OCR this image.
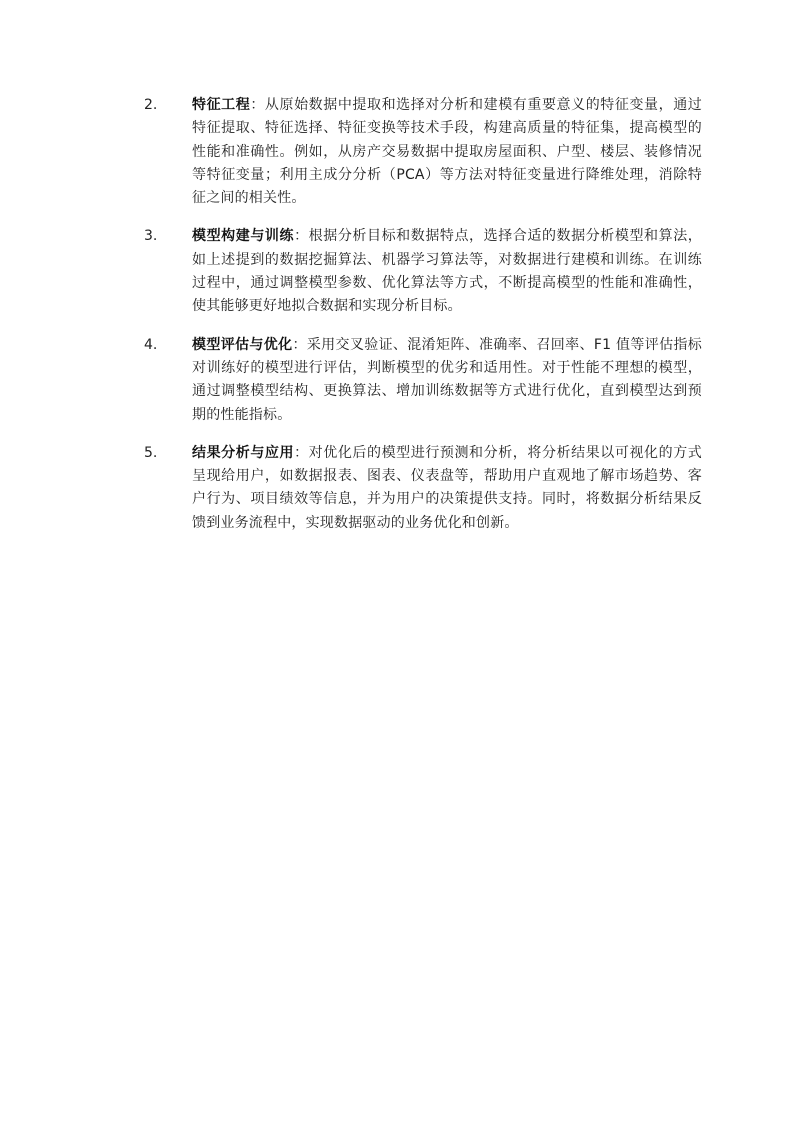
2.	特征工程：从原始数据中提取和选择对分析和建模有重要意义的特征变量，通过特征提取、特征选择、特征变换等技术手段，构建高质量的特征集，提高模型的性能和准确性。例如，从房产交易数据中提取房屋面积、户型、楼层、装修情况等特征变量；利用主成分分析（PCA）等方法对特征变量进行降维处理，消除特征之间的相关性。
3.	模型构建与训练：根据分析目标和数据特点，选择合适的数据分析模型和算法，如上述提到的数据挖掘算法、机器学习算法等，对数据进行建模和训练。在训练过程中，通过调整模型参数、优化算法等方式，不断提高模型的性能和准确性，使其能够更好地拟合数据和实现分析目标。
4.	模型评估与优化：采用交叉验证、混淆矩阵、准确率、召回率、F1 值等评估指标对训练好的模型进行评估，判断模型的优劣和适用性。对于性能不理想的模型，通过调整模型结构、更换算法、增加训练数据等方式进行优化，直到模型达到预期的性能指标。
5.	结果分析与应用：对优化后的模型进行预测和分析，将分析结果以可视化的方式呈现给用户，如数据报表、图表、仪表盘等，帮助用户直观地了解市场趋势、客户行为、项目绩效等信息，并为用户的决策提供支持。同时，将数据分析结果反馈到业务流程中，实现数据驱动的业务优化和创新。
